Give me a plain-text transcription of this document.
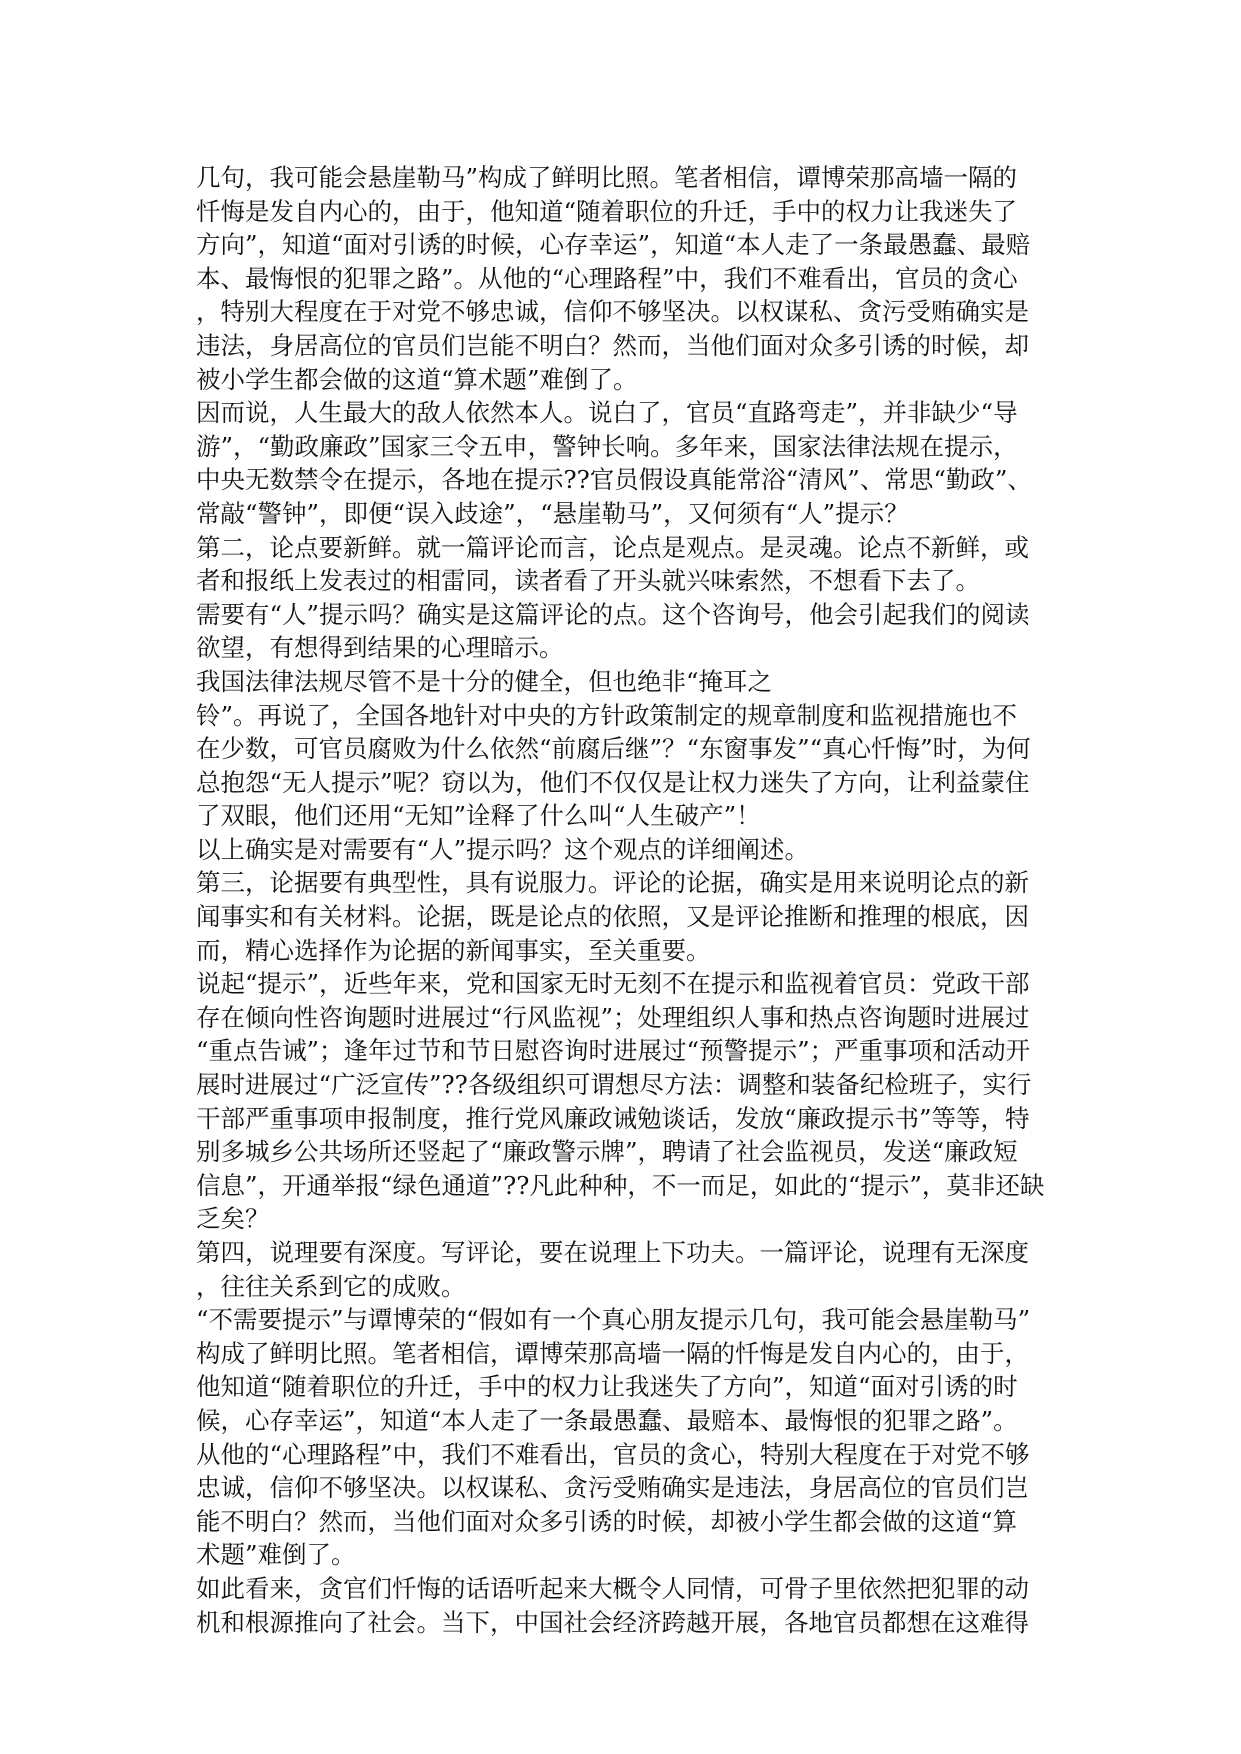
几句，我可能会悬崖勒马”构成了鲜明比照。笔者相信，谭博荣那高墙一隔的
忏悔是发自内心的，由于，他知道“随着职位的升迁，手中的权力让我迷失了
方向”，知道“面对引诱的时候，心存幸运”，知道“本人走了一条最愚蠢、最赔
本、最悔恨的犯罪之路”。从他的“心理路程”中，我们不难看出，官员的贪心
，特别大程度在于对党不够忠诚，信仰不够坚决。以权谋私、贪污受贿确实是
违法，身居高位的官员们岂能不明白？然而，当他们面对众多引诱的时候，却
被小学生都会做的这道“算术题”难倒了。
因而说，人生最大的敌人依然本人。说白了，官员“直路弯走”，并非缺少“导
游”，“勤政廉政”国家三令五申，警钟长响。多年来，国家法律法规在提示，
中央无数禁令在提示，各地在提示??官员假设真能常浴“清风”、常思“勤政”、
常敲“警钟”，即便“误入歧途”，“悬崖勒马”，又何须有“人”提示？
第二，论点要新鲜。就一篇评论而言，论点是观点。是灵魂。论点不新鲜，或
者和报纸上发表过的相雷同，读者看了开头就兴味索然，不想看下去了。
需要有“人”提示吗？确实是这篇评论的点。这个咨询号，他会引起我们的阅读
欲望，有想得到结果的心理暗示。
我国法律法规尽管不是十分的健全，但也绝非“掩耳之
铃”。再说了，全国各地针对中央的方针政策制定的规章制度和监视措施也不
在少数，可官员腐败为什么依然“前腐后继”？“东窗事发”“真心忏悔”时，为何
总抱怨“无人提示”呢？窃以为，他们不仅仅是让权力迷失了方向，让利益蒙住
了双眼，他们还用“无知”诠释了什么叫“人生破产”！
以上确实是对需要有“人”提示吗？这个观点的详细阐述。
第三，论据要有典型性，具有说服力。评论的论据，确实是用来说明论点的新
闻事实和有关材料。论据，既是论点的依照，又是评论推断和推理的根底，因
而，精心选择作为论据的新闻事实，至关重要。
说起“提示”，近些年来，党和国家无时无刻不在提示和监视着官员：党政干部
存在倾向性咨询题时进展过“行风监视”；处理组织人事和热点咨询题时进展过
“重点告诫”；逢年过节和节日慰咨询时进展过“预警提示”；严重事项和活动开
展时进展过“广泛宣传”??各级组织可谓想尽方法：调整和装备纪检班子，实行
干部严重事项申报制度，推行党风廉政诫勉谈话，发放“廉政提示书”等等，特
别多城乡公共场所还竖起了“廉政警示牌”，聘请了社会监视员，发送“廉政短
信息”，开通举报“绿色通道”??凡此种种，不一而足，如此的“提示”，莫非还缺
乏矣？
第四，说理要有深度。写评论，要在说理上下功夫。一篇评论，说理有无深度
，往往关系到它的成败。
“不需要提示”与谭博荣的“假如有一个真心朋友提示几句，我可能会悬崖勒马”
构成了鲜明比照。笔者相信，谭博荣那高墙一隔的忏悔是发自内心的，由于，
他知道“随着职位的升迁，手中的权力让我迷失了方向”，知道“面对引诱的时
候，心存幸运”，知道“本人走了一条最愚蠢、最赔本、最悔恨的犯罪之路”。
从他的“心理路程”中，我们不难看出，官员的贪心，特别大程度在于对党不够
忠诚，信仰不够坚决。以权谋私、贪污受贿确实是违法，身居高位的官员们岂
能不明白？然而，当他们面对众多引诱的时候，却被小学生都会做的这道“算
术题”难倒了。
如此看来，贪官们忏悔的话语听起来大概令人同情，可骨子里依然把犯罪的动
机和根源推向了社会。当下，中国社会经济跨越开展，各地官员都想在这难得
